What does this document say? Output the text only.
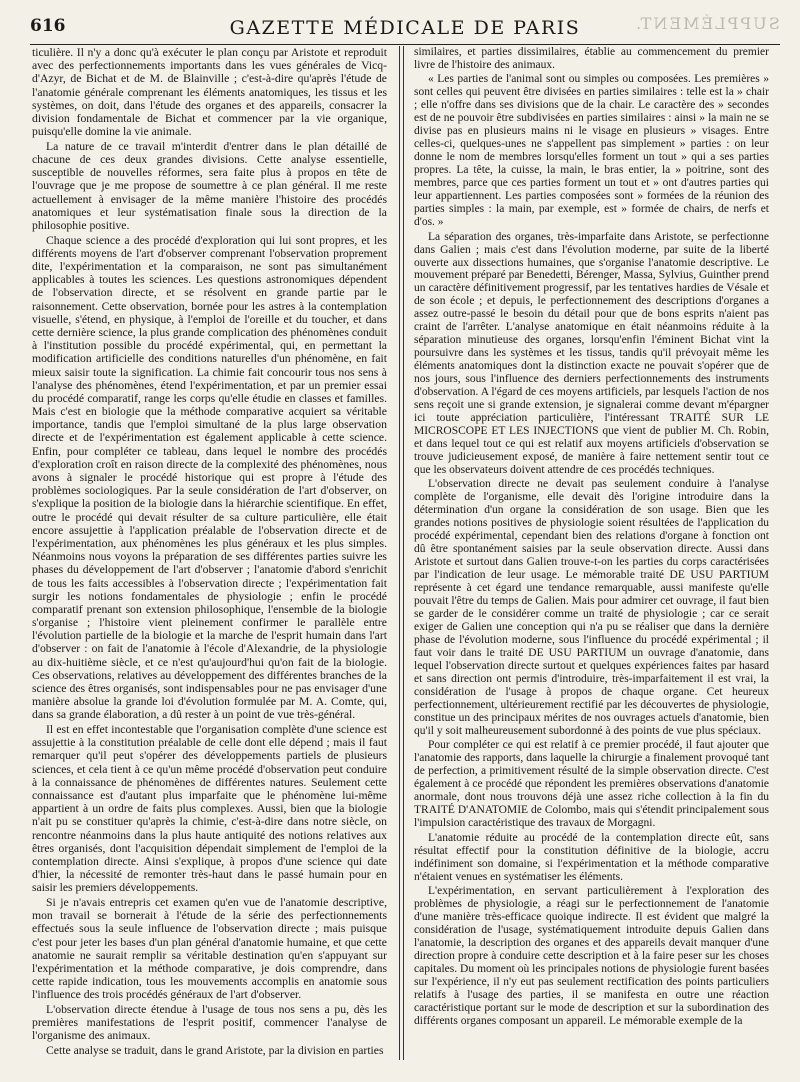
616	GAZETTE MÉDICALE DE PARIS	SUPPLÉMENT.

ticulière. Il n'y a donc qu'à exécuter le plan conçu par Aristote et reproduit avec des perfectionnements importants dans les vues générales de Vicq-d'Azyr, de Bichat et de M. de Blainville ; c'est-à-dire qu'après l'étude de l'anatomie générale comprenant les éléments anatomiques, les tissus et les systèmes, on doit, dans l'étude des organes et des appareils, consacrer la division fondamentale de Bichat et commencer par la vie organique, puisqu'elle domine la vie animale.

La nature de ce travail m'interdit d'entrer dans le plan détaillé de chacune de ces deux grandes divisions. Cette analyse essentielle, susceptible de nouvelles réformes, sera faite plus à propos en tête de l'ouvrage que je me propose de soumettre à ce plan général. Il me reste actuellement à envisager de la même manière l'histoire des procédés anatomiques et leur systématisation finale sous la direction de la philosophie positive.

Chaque science a des procédé d'exploration qui lui sont propres, et les différents moyens de l'art d'observer comprenant l'observation proprement dite, l'expérimentation et la comparaison, ne sont pas simultanément applicables à toutes les sciences. Les questions astronomiques dépendent de l'observation directe, et se résolvent en grande partie par le raisonnement. Cette observation, bornée pour les astres à la contemplation visuelle, s'étend, en physique, à l'emploi de l'oreille et du toucher, et dans cette dernière science, la plus grande complication des phénomènes conduit à l'institution possible du procédé expérimental, qui, en permettant la modification artificielle des conditions naturelles d'un phénomène, en fait mieux saisir toute la signification. La chimie fait concourir tous nos sens à l'analyse des phénomènes, étend l'expérimentation, et par un premier essai du procédé comparatif, range les corps qu'elle étudie en classes et familles. Mais c'est en biologie que la méthode comparative acquiert sa véritable importance, tandis que l'emploi simultané de la plus large observation directe et de l'expérimentation est également applicable à cette science. Enfin, pour compléter ce tableau, dans lequel le nombre des procédés d'exploration croît en raison directe de la complexité des phénomènes, nous avons à signaler le procédé historique qui est propre à l'étude des problèmes sociologiques. Par la seule considération de l'art d'observer, on s'explique la position de la biologie dans la hiérarchie scientifique. En effet, outre le procédé qui devait résulter de sa culture particulière, elle était encore assujettie à l'application préalable de l'observation directe et de l'expérimentation, aux phénomènes les plus généraux et les plus simples. Néanmoins nous voyons la préparation de ses différentes parties suivre les phases du développement de l'art d'observer ; l'anatomie d'abord s'enrichit de tous les faits accessibles à l'observation directe ; l'expérimentation fait surgir les notions fondamentales de physiologie ; enfin le procédé comparatif prenant son extension philosophique, l'ensemble de la biologie s'organise ; l'histoire vient pleinement confirmer le parallèle entre l'évolution partielle de la biologie et la marche de l'esprit humain dans l'art d'observer : on fait de l'anatomie à l'école d'Alexandrie, de la physiologie au dix-huitième siècle, et ce n'est qu'aujourd'hui qu'on fait de la biologie. Ces observations, relatives au développement des différentes branches de la science des êtres organisés, sont indispensables pour ne pas envisager d'une manière absolue la grande loi d'évolution formulée par M. A. Comte, qui, dans sa grande élaboration, a dû rester à un point de vue très-général.

Il est en effet incontestable que l'organisation complète d'une science est assujettie à la constitution préalable de celle dont elle dépend ; mais il faut remarquer qu'il peut s'opérer des développements partiels de plusieurs sciences, et cela tient à ce qu'un même procédé d'observation peut conduire à la connaissance de phénomènes de différentes natures. Seulement cette connaissance est d'autant plus imparfaite que le phénomène lui-même appartient à un ordre de faits plus complexes. Aussi, bien que la biologie n'ait pu se constituer qu'après la chimie, c'est-à-dire dans notre siècle, on rencontre néanmoins dans la plus haute antiquité des notions relatives aux êtres organisés, dont l'acquisition dépendait simplement de l'emploi de la contemplation directe. Ainsi s'explique, à propos d'une science qui date d'hier, la nécessité de remonter très-haut dans le passé humain pour en saisir les premiers développements.

Si je n'avais entrepris cet examen qu'en vue de l'anatomie descriptive, mon travail se bornerait à l'étude de la série des perfectionnements effectués sous la seule influence de l'observation directe ; mais puisque c'est pour jeter les bases d'un plan général d'anatomie humaine, et que cette anatomie ne saurait remplir sa véritable destination qu'en s'appuyant sur l'expérimentation et la méthode comparative, je dois comprendre, dans cette rapide indication, tous les mouvements accomplis en anatomie sous l'influence des trois procédés généraux de l'art d'observer.

L'observation directe étendue à l'usage de tous nos sens a pu, dès les premières manifestations de l'esprit positif, commencer l'analyse de l'organisme des animaux.

Cette analyse se traduit, dans le grand Aristote, par la division en parties

similaires, et parties dissimilaires, établie au commencement du premier livre de l'histoire des animaux.

« Les parties de l'animal sont ou simples ou composées. Les premières » sont celles qui peuvent être divisées en parties similaires : telle est la » chair ; elle n'offre dans ses divisions que de la chair. Le caractère des » secondes est de ne pouvoir être subdivisées en parties similaires : ainsi » la main ne se divise pas en plusieurs mains ni le visage en plusieurs » visages. Entre celles-ci, quelques-unes ne s'appellent pas simplement » parties : on leur donne le nom de membres lorsqu'elles forment un tout » qui a ses parties propres. La tête, la cuisse, la main, le bras entier, la » poitrine, sont des membres, parce que ces parties forment un tout et » ont d'autres parties qui leur appartiennent. Les parties composées sont » formées de la réunion des parties simples : la main, par exemple, est » formée de chairs, de nerfs et d'os. »

La séparation des organes, très-imparfaite dans Aristote, se perfectionne dans Galien ; mais c'est dans l'évolution moderne, par suite de la liberté ouverte aux dissections humaines, que s'organise l'anatomie descriptive. Le mouvement préparé par Benedetti, Bérenger, Massa, Sylvius, Guinther prend un caractère définitivement progressif, par les tentatives hardies de Vésale et de son école ; et depuis, le perfectionnement des descriptions d'organes a assez outre-passé le besoin du détail pour que de bons esprits n'aient pas craint de l'arrêter. L'analyse anatomique en était néanmoins réduite à la séparation minutieuse des organes, lorsqu'enfin l'éminent Bichat vint la poursuivre dans les systèmes et les tissus, tandis qu'il prévoyait même les éléments anatomiques dont la distinction exacte ne pouvait s'opérer que de nos jours, sous l'influence des derniers perfectionnements des instruments d'observation. A l'égard de ces moyens artificiels, par lesquels l'action de nos sens reçoit une si grande extension, je signalerai comme devant m'épargner ici toute appréciation particulière, l'intéressant TRAITÉ SUR LE MICROSCOPE ET LES INJECTIONS que vient de publier M. Ch. Robin, et dans lequel tout ce qui est relatif aux moyens artificiels d'observation se trouve judicieusement exposé, de manière à faire nettement sentir tout ce que les observateurs doivent attendre de ces procédés techniques.

L'observation directe ne devait pas seulement conduire à l'analyse complète de l'organisme, elle devait dès l'origine introduire dans la détermination d'un organe la considération de son usage. Bien que les grandes notions positives de physiologie soient résultées de l'application du procédé expérimental, cependant bien des relations d'organe à fonction ont dû être spontanément saisies par la seule observation directe. Aussi dans Aristote et surtout dans Galien trouve-t-on les parties du corps caractérisées par l'indication de leur usage. Le mémorable traité DE USU PARTIUM représente à cet égard une tendance remarquable, aussi manifeste qu'elle pouvait l'être du temps de Galien. Mais pour admirer cet ouvrage, il faut bien se garder de le considérer comme un traité de physiologie ; car ce serait exiger de Galien une conception qui n'a pu se réaliser que dans la dernière phase de l'évolution moderne, sous l'influence du procédé expérimental ; il faut voir dans le traité DE USU PARTIUM un ouvrage d'anatomie, dans lequel l'observation directe surtout et quelques expériences faites par hasard et sans direction ont permis d'introduire, très-imparfaitement il est vrai, la considération de l'usage à propos de chaque organe. Cet heureux perfectionnement, ultérieurement rectifié par les découvertes de physiologie, constitue un des principaux mérites de nos ouvrages actuels d'anatomie, bien qu'il y soit malheureusement subordonné à des points de vue plus spéciaux.

Pour compléter ce qui est relatif à ce premier procédé, il faut ajouter que l'anatomie des rapports, dans laquelle la chirurgie a finalement provoqué tant de perfection, a primitivement résulté de la simple observation directe. C'est également à ce procédé que répondent les premières observations d'anatomie anormale, dont nous trouvons déjà une assez riche collection à la fin du TRAITÉ D'ANATOMIE de Colombo, mais qui s'étendit principalement sous l'impulsion caractéristique des travaux de Morgagni.

L'anatomie réduite au procédé de la contemplation directe eût, sans résultat effectif pour la constitution définitive de la biologie, accru indéfiniment son domaine, si l'expérimentation et la méthode comparative n'étaient venues en systématiser les éléments.

L'expérimentation, en servant particulièrement à l'exploration des problèmes de physiologie, a réagi sur le perfectionnement de l'anatomie d'une manière très-efficace quoique indirecte. Il est évident que malgré la considération de l'usage, systématiquement introduite depuis Galien dans l'anatomie, la description des organes et des appareils devait manquer d'une direction propre à conduire cette description et à la faire peser sur les choses capitales. Du moment où les principales notions de physiologie furent basées sur l'expérience, il n'y eut pas seulement rectification des points particuliers relatifs à l'usage des parties, il se manifesta en outre une réaction caractéristique portant sur le mode de description et sur la subordination des différents organes composant un appareil. Le mémorable exemple de la
